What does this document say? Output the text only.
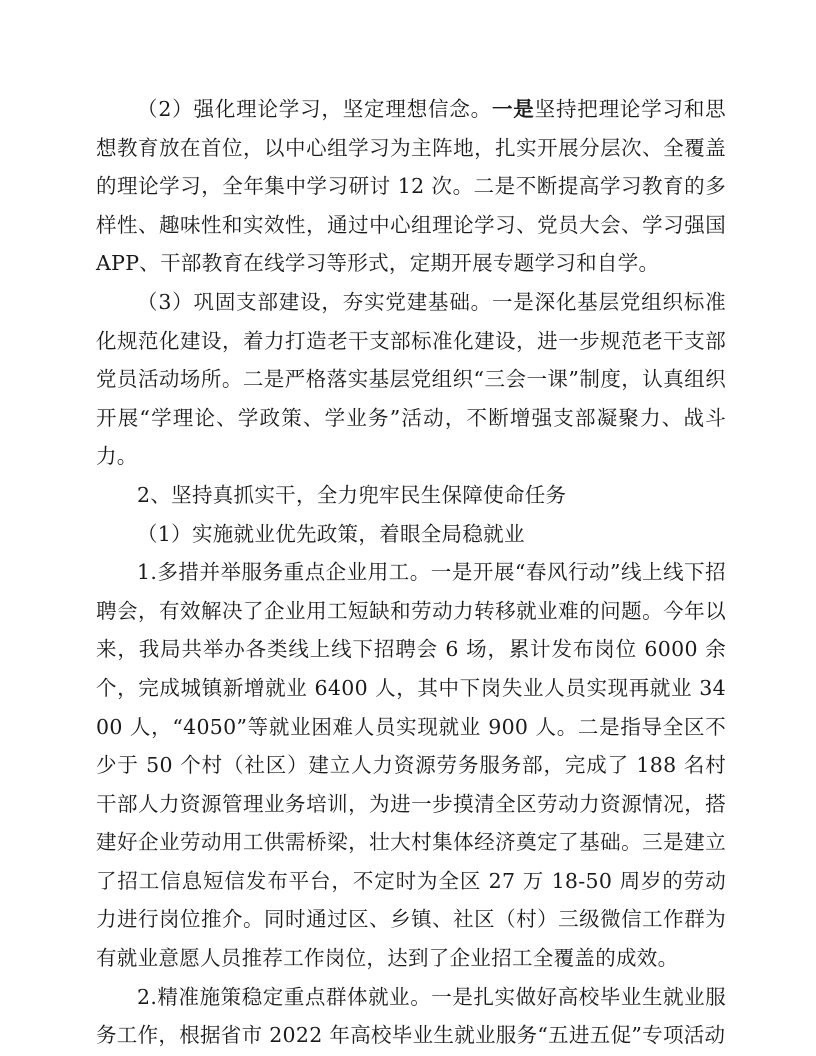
（2）强化理论学习，坚定理想信念。一是坚持把理论学习和思想教育放在首位，以中心组学习为主阵地，扎实开展分层次、全覆盖的理论学习，全年集中学习研讨 12 次。二是不断提高学习教育的多样性、趣味性和实效性，通过中心组理论学习、党员大会、学习强国 APP、干部教育在线学习等形式，定期开展专题学习和自学。

（3）巩固支部建设，夯实党建基础。一是深化基层党组织标准化规范化建设，着力打造老干支部标准化建设，进一步规范老干支部党员活动场所。二是严格落实基层党组织“三会一课”制度，认真组织开展“学理论、学政策、学业务”活动，不断增强支部凝聚力、战斗力。

2、坚持真抓实干，全力兜牢民生保障使命任务

（1）实施就业优先政策，着眼全局稳就业

1.多措并举服务重点企业用工。一是开展“春风行动”线上线下招聘会，有效解决了企业用工短缺和劳动力转移就业难的问题。今年以来，我局共举办各类线上线下招聘会 6 场，累计发布岗位 6000 余个，完成城镇新增就业 6400 人，其中下岗失业人员实现再就业 3400 人，“4050”等就业困难人员实现就业 900 人。二是指导全区不少于 50 个村（社区）建立人力资源劳务服务部，完成了 188 名村干部人力资源管理业务培训，为进一步摸清全区劳动力资源情况，搭建好企业劳动用工供需桥梁，壮大村集体经济奠定了基础。三是建立了招工信息短信发布平台，不定时为全区 27 万 18-50 周岁的劳动力进行岗位推介。同时通过区、乡镇、社区（村）三级微信工作群为有就业意愿人员推荐工作岗位，达到了企业招工全覆盖的成效。

2.精准施策稳定重点群体就业。一是扎实做好高校毕业生就业服务工作，根据省市 2022 年高校毕业生就业服务“五进五促”专项活动
